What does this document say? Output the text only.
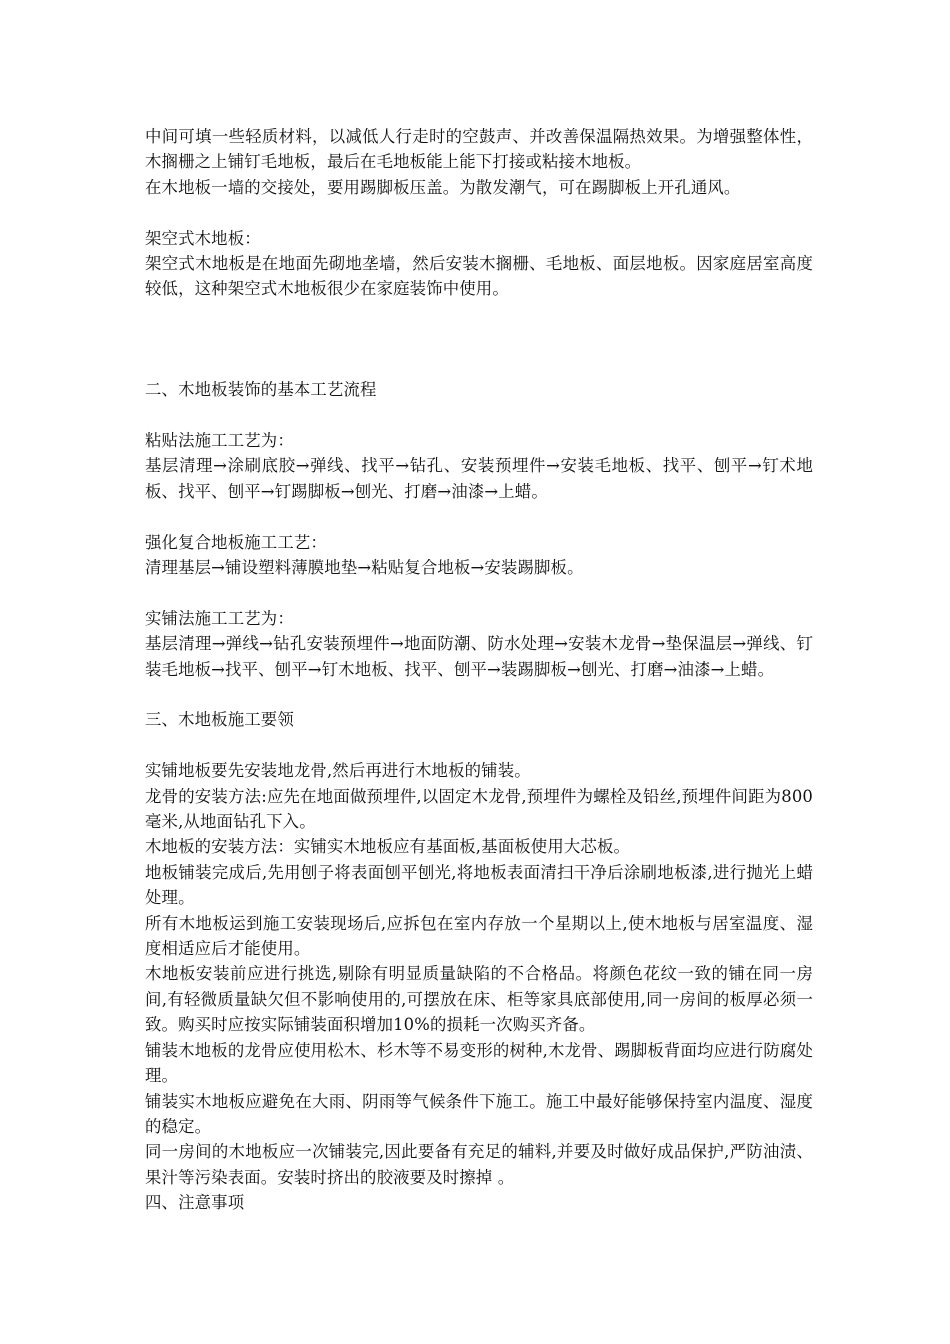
中间可填一些轻质材料，以减低人行走时的空鼓声、并改善保温隔热效果。为增强整体性，木搁栅之上铺钉毛地板，最后在毛地板能上能下打接或粘接木地板。

在木地板一墙的交接处，要用踢脚板压盖。为散发潮气，可在踢脚板上开孔通风。

架空式木地板：

架空式木地板是在地面先砌地垄墙，然后安装木搁栅、毛地板、面层地板。因家庭居室高度较低，这种架空式木地板很少在家庭装饰中使用。

二、木地板装饰的基本工艺流程

粘贴法施工工艺为：

基层清理→涂刷底胶→弹线、找平→钻孔、安装预埋件→安装毛地板、找平、刨平→钉术地板、找平、刨平→钉踢脚板→刨光、打磨→油漆→上蜡。

强化复合地板施工工艺：

清理基层→铺设塑料薄膜地垫→粘贴复合地板→安装踢脚板。

实铺法施工工艺为：

基层清理→弹线→钻孔安装预埋件→地面防潮、防水处理→安装木龙骨→垫保温层→弹线、钉装毛地板→找平、刨平→钉木地板、找平、刨平→装踢脚板→刨光、打磨→油漆→上蜡。

三、木地板施工要领

实铺地板要先安装地龙骨,然后再进行木地板的铺装。

龙骨的安装方法:应先在地面做预埋件,以固定木龙骨,预埋件为螺栓及铅丝,预埋件间距为800毫米,从地面钻孔下入。

木地板的安装方法：实铺实木地板应有基面板,基面板使用大芯板。

地板铺装完成后,先用刨子将表面刨平刨光,将地板表面清扫干净后涂刷地板漆,进行抛光上蜡处理。

所有木地板运到施工安装现场后,应拆包在室内存放一个星期以上,使木地板与居室温度、湿度相适应后才能使用。

木地板安装前应进行挑选,剔除有明显质量缺陷的不合格品。将颜色花纹一致的铺在同一房间,有轻微质量缺欠但不影响使用的,可摆放在床、柜等家具底部使用,同一房间的板厚必须一致。购买时应按实际铺装面积增加10%的损耗一次购买齐备。

铺装木地板的龙骨应使用松木、杉木等不易变形的树种,木龙骨、踢脚板背面均应进行防腐处理。

铺装实木地板应避免在大雨、阴雨等气候条件下施工。施工中最好能够保持室内温度、湿度的稳定。

同一房间的木地板应一次铺装完,因此要备有充足的辅料,并要及时做好成品保护,严防油渍、果汁等污染表面。安装时挤出的胶液要及时擦掉 。

四、注意事项
